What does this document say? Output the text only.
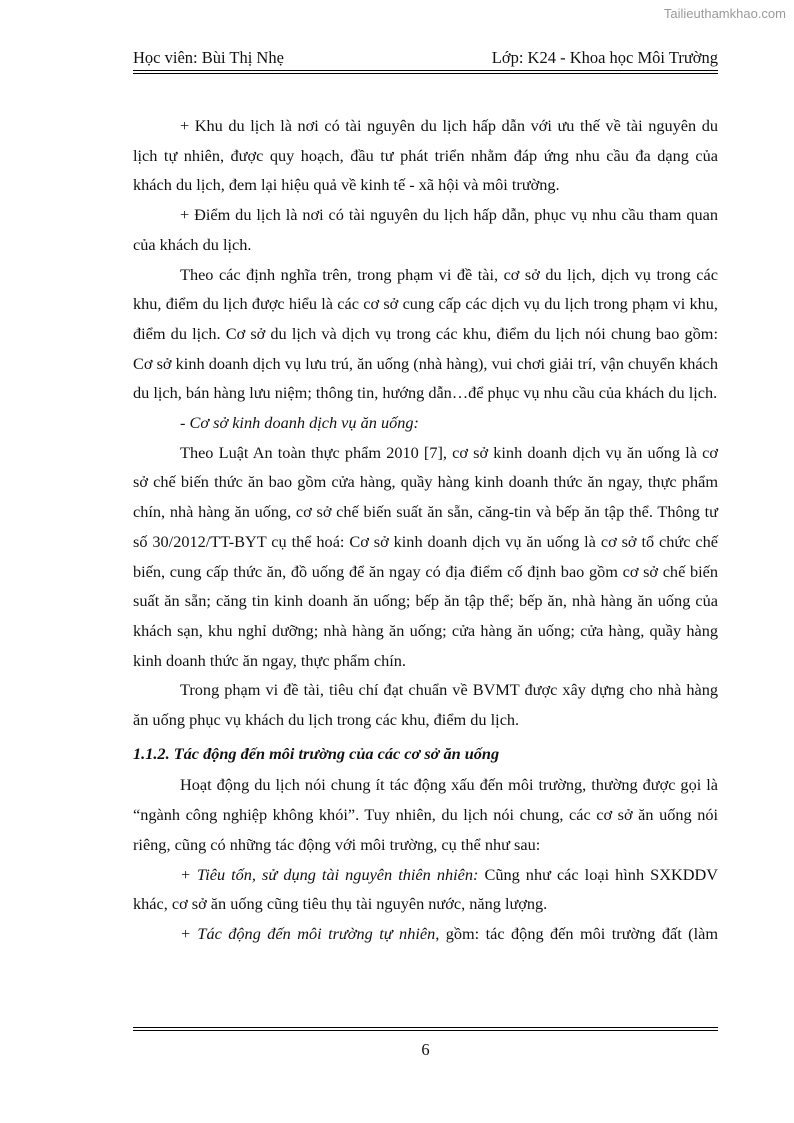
Tailieuthamkhao.com
Học viên: Bùi Thị Nhẹ	Lớp: K24 - Khoa học Môi Trường

+ Khu du lịch là nơi có tài nguyên du lịch hấp dẫn với ưu thế về tài nguyên du lịch tự nhiên, được quy hoạch, đầu tư phát triển nhằm đáp ứng nhu cầu đa dạng của khách du lịch, đem lại hiệu quả về kinh tế - xã hội và môi trường.

+ Điểm du lịch là nơi có tài nguyên du lịch hấp dẫn, phục vụ nhu cầu tham quan của khách du lịch.

Theo các định nghĩa trên, trong phạm vi đề tài, cơ sở du lịch, dịch vụ trong các khu, điểm du lịch được hiểu là các cơ sở cung cấp các dịch vụ du lịch trong phạm vi khu, điểm du lịch. Cơ sở du lịch và dịch vụ trong các khu, điểm du lịch nói chung bao gồm: Cơ sở kinh doanh dịch vụ lưu trú, ăn uống (nhà hàng), vui chơi giải trí, vận chuyển khách du lịch, bán hàng lưu niệm; thông tin, hướng dẫn…để phục vụ nhu cầu của khách du lịch.

- Cơ sở kinh doanh dịch vụ ăn uống:

Theo Luật An toàn thực phẩm 2010 [7], cơ sở kinh doanh dịch vụ ăn uống là cơ sở chế biến thức ăn bao gồm cửa hàng, quầy hàng kinh doanh thức ăn ngay, thực phẩm chín, nhà hàng ăn uống, cơ sở chế biến suất ăn sẵn, căng-tin và bếp ăn tập thể. Thông tư số 30/2012/TT-BYT cụ thể hoá: Cơ sở kinh doanh dịch vụ ăn uống là cơ sở tổ chức chế biến, cung cấp thức ăn, đồ uống để ăn ngay có địa điểm cố định bao gồm cơ sở chế biến suất ăn sẵn; căng tin kinh doanh ăn uống; bếp ăn tập thể; bếp ăn, nhà hàng ăn uống của khách sạn, khu nghỉ dưỡng; nhà hàng ăn uống; cửa hàng ăn uống; cửa hàng, quầy hàng kinh doanh thức ăn ngay, thực phẩm chín.

Trong phạm vi đề tài, tiêu chí đạt chuẩn về BVMT được xây dựng cho nhà hàng ăn uống phục vụ khách du lịch trong các khu, điểm du lịch.

1.1.2. Tác động đến môi trường của các cơ sở ăn uống

Hoạt động du lịch nói chung ít tác động xấu đến môi trường, thường được gọi là “ngành công nghiệp không khói”. Tuy nhiên, du lịch nói chung, các cơ sở ăn uống nói riêng, cũng có những tác động với môi trường, cụ thể như sau:

+ Tiêu tốn, sử dụng tài nguyên thiên nhiên: Cũng như các loại hình SXKDDV khác, cơ sở ăn uống cũng tiêu thụ tài nguyên nước, năng lượng.

+ Tác động đến môi trường tự nhiên, gồm: tác động đến môi trường đất (làm

6
